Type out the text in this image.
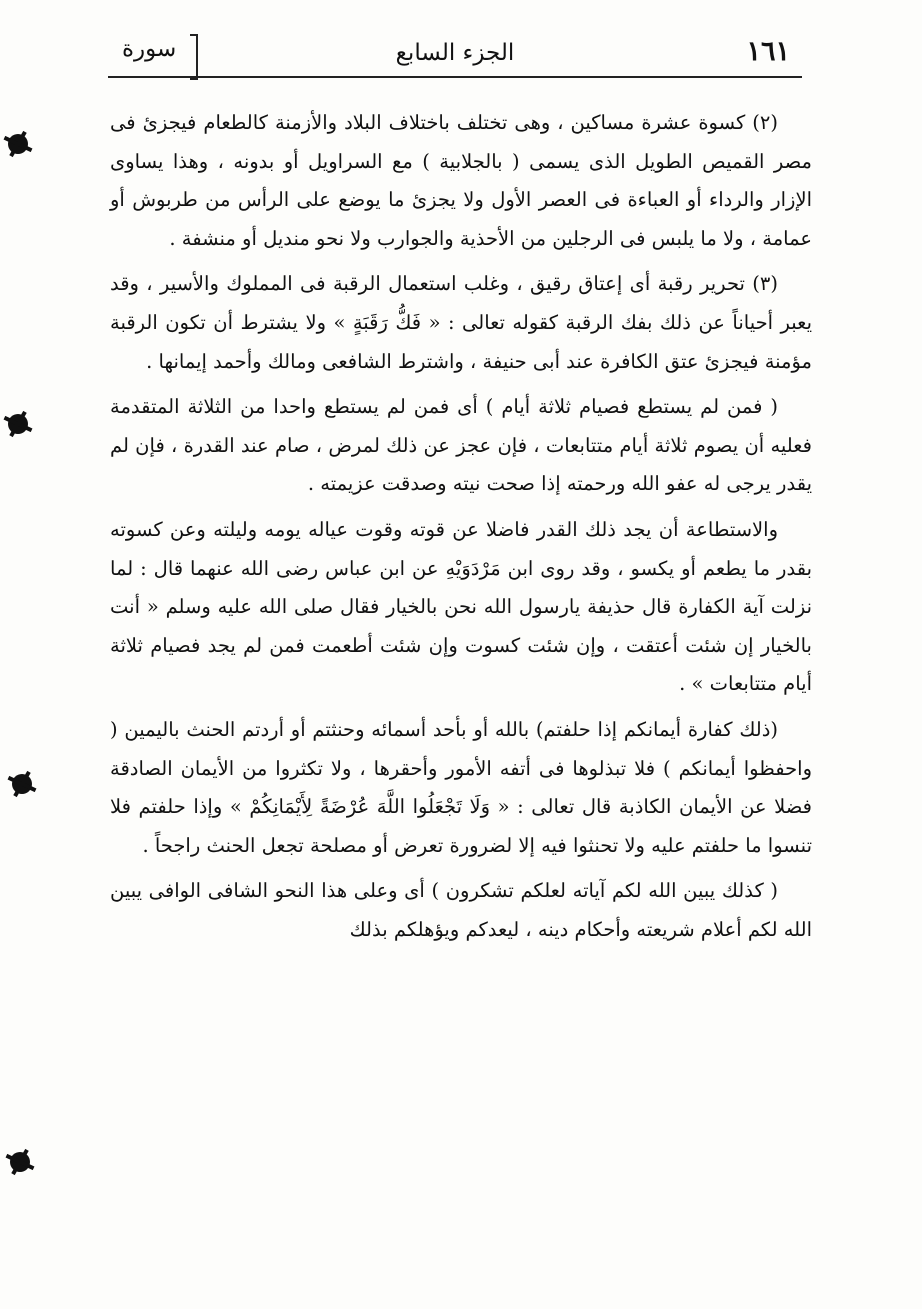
١٦١
الجزء السابع
سورة

(٢) كسوة عشرة مساكين ، وهى تختلف باختلاف البلاد والأزمنة كالطعام فيجزئ فى مصر القميص الطويل الذى يسمى ( بالجلابية ) مع السراويل أو بدونه ، وهذا يساوى الإزار والرداء أو العباءة فى العصر الأول ولا يجزئ ما يوضع على الرأس من طربوش أو عمامة ، ولا ما يلبس فى الرجلين من الأحذية والجوارب ولا نحو منديل أو منشفة .

(٣) تحرير رقبة أى إعتاق رقيق ، وغلب استعمال الرقبة فى المملوك والأسير ، وقد يعبر أحياناً عن ذلك بفك الرقبة كقوله تعالى : « فَكُّ رَقَبَةٍ » ولا يشترط أن تكون الرقبة مؤمنة فيجزئ عتق الكافرة عند أبى حنيفة ، واشترط الشافعى ومالك وأحمد إيمانها .

( فمن لم يستطع فصيام ثلاثة أيام ) أى فمن لم يستطع واحدا من الثلاثة المتقدمة فعليه أن يصوم ثلاثة أيام متتابعات ، فإن عجز عن ذلك لمرض ، صام عند القدرة ، فإن لم يقدر يرجى له عفو الله ورحمته إذا صحت نيته وصدقت عزيمته .

والاستطاعة أن يجد ذلك القدر فاضلا عن قوته وقوت عياله يومه وليلته وعن كسوته بقدر ما يطعم أو يكسو ، وقد روى ابن مَرْدَوَيْهِ عن ابن عباس رضى الله عنهما قال : لما نزلت آية الكفارة قال حذيفة يارسول الله نحن بالخيار فقال صلى الله عليه وسلم « أنت بالخيار إن شئت أعتقت ، وإن شئت كسوت وإن شئت أطعمت فمن لم يجد فصيام ثلاثة أيام متتابعات » .

(ذلك كفارة أيمانكم إذا حلفتم) بالله أو بأحد أسمائه وحنثتم أو أردتم الحنث باليمين ( واحفظوا أيمانكم ) فلا تبذلوها فى أتفه الأمور وأحقرها ، ولا تكثروا من الأيمان الصادقة فضلا عن الأيمان الكاذبة قال تعالى : « وَلَا تَجْعَلُوا اللَّهَ عُرْضَةً لِأَيْمَانِكُمْ » وإذا حلفتم فلا تنسوا ما حلفتم عليه ولا تحنثوا فيه إلا لضرورة تعرض أو مصلحة تجعل الحنث راجحاً .

( كذلك يبين الله لكم آياته لعلكم تشكرون ) أى وعلى هذا النحو الشافى الوافى يبين الله لكم أعلام شريعته وأحكام دينه ، ليعدكم ويؤهلكم بذلك
